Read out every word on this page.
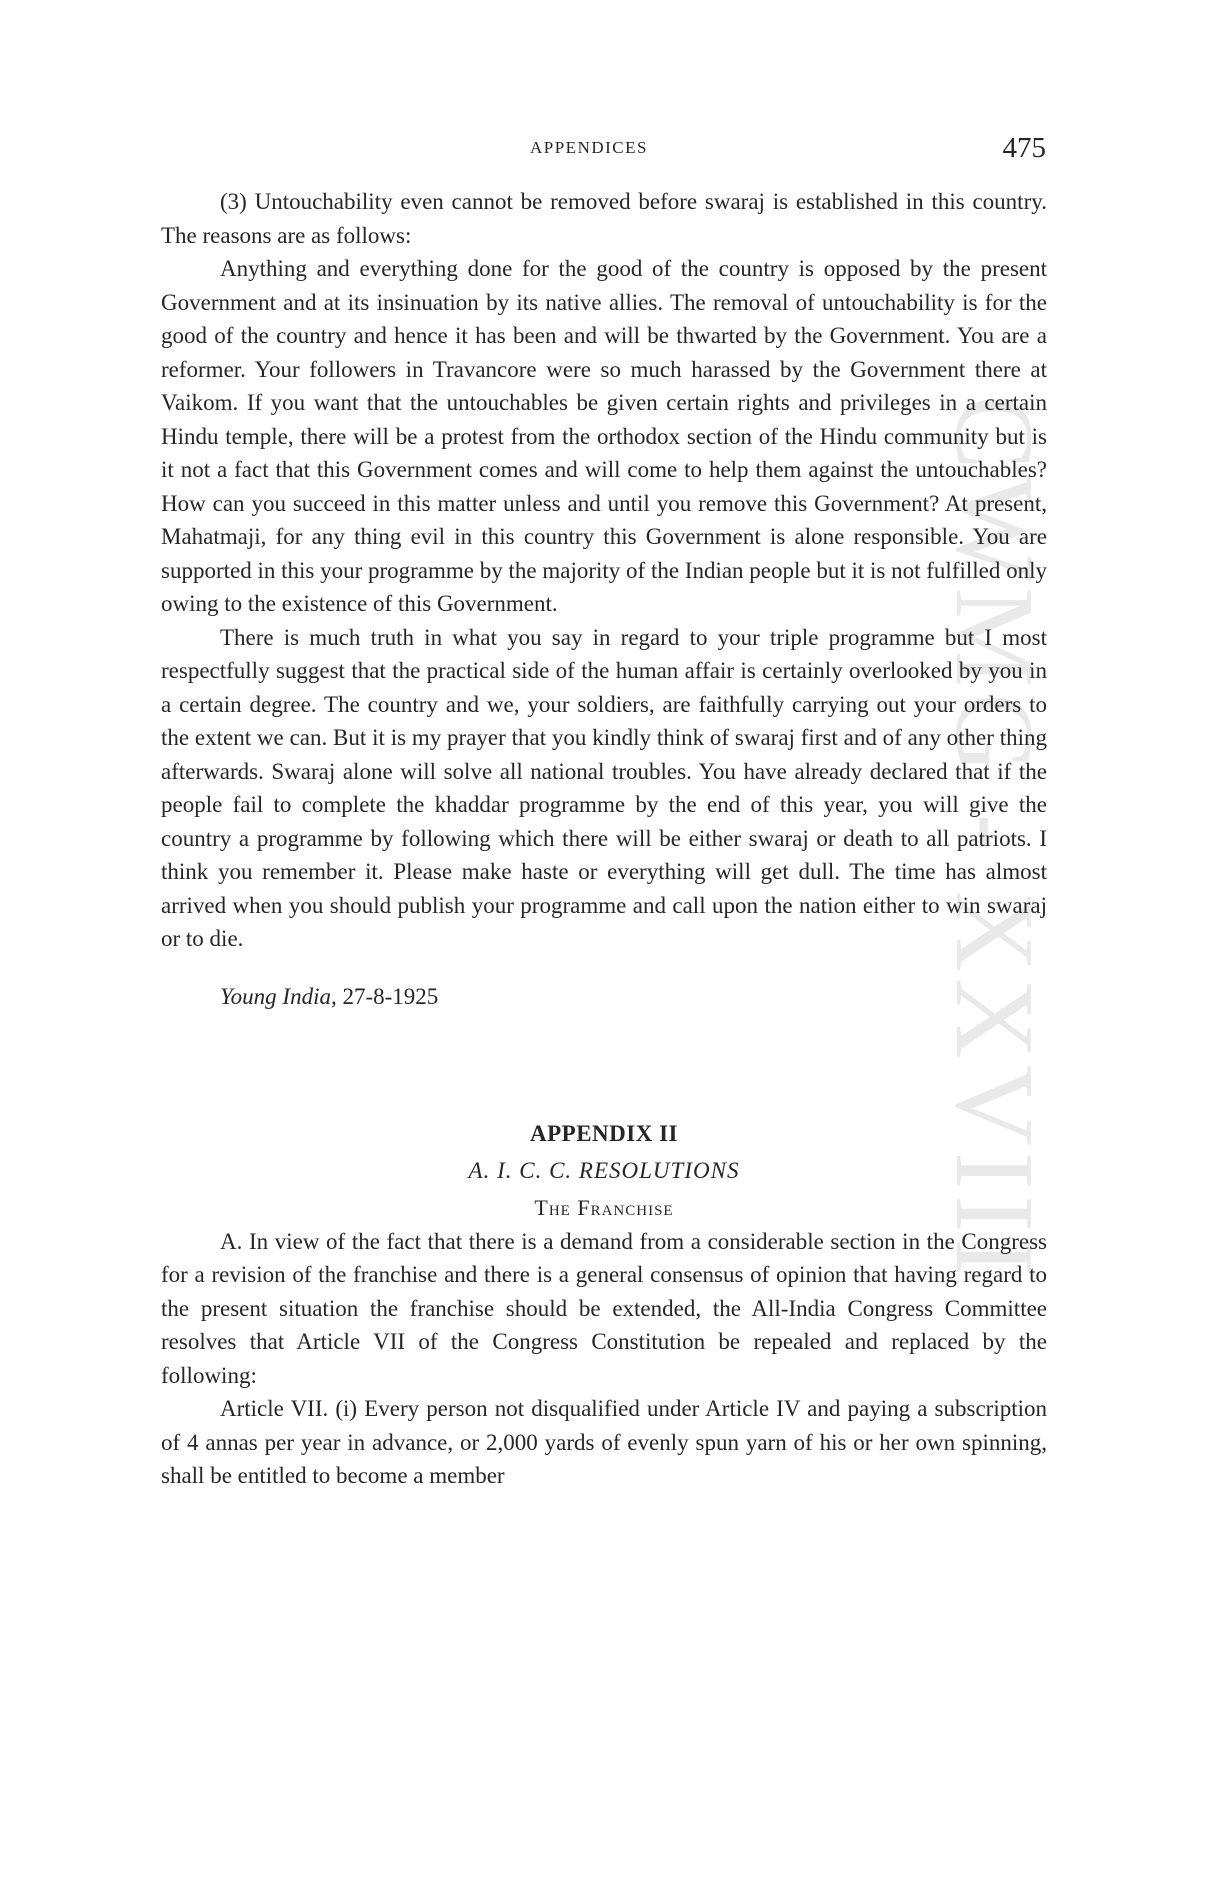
CWMG - XXVIII
APPENDICES	475

(3) Untouchability even cannot be removed before swaraj is established in this country. The reasons are as follows:

Anything and everything done for the good of the country is opposed by the present Government and at its insinuation by its native allies. The removal of untouchability is for the good of the country and hence it has been and will be thwarted by the Government. You are a reformer. Your followers in Travancore were so much harassed by the Government there at Vaikom. If you want that the untouchables be given certain rights and privileges in a certain Hindu temple, there will be a protest from the orthodox section of the Hindu community but is it not a fact that this Government comes and will come to help them against the untouchables? How can you succeed in this matter unless and until you remove this Government? At present, Mahatmaji, for any thing evil in this country this Government is alone responsible. You are supported in this your programme by the majority of the Indian people but it is not fulfilled only owing to the existence of this Government.

There is much truth in what you say in regard to your triple programme but I most respectfully suggest that the practical side of the human affair is certainly overlooked by you in a certain degree. The country and we, your soldiers, are faithfully carrying out your orders to the extent we can. But it is my prayer that you kindly think of swaraj first and of any other thing afterwards. Swaraj alone will solve all national troubles. You have already declared that if the people fail to complete the khaddar programme by the end of this year, you will give the country a programme by following which there will be either swaraj or death to all patriots. I think you remember it. Please make haste or everything will get dull. The time has almost arrived when you should publish your programme and call upon the nation either to win swaraj or to die.

Young India, 27-8-1925

APPENDIX II

A. I. C. C. RESOLUTIONS

The Franchise

A. In view of the fact that there is a demand from a considerable section in the Congress for a revision of the franchise and there is a general consensus of opinion that having regard to the present situation the franchise should be extended, the All-India Congress Committee resolves that Article VII of the Congress Constitution be repealed and replaced by the following:

Article VII. (i) Every person not disqualified under Article IV and paying a subscription of 4 annas per year in advance, or 2,000 yards of evenly spun yarn of his or her own spinning, shall be entitled to become a member
